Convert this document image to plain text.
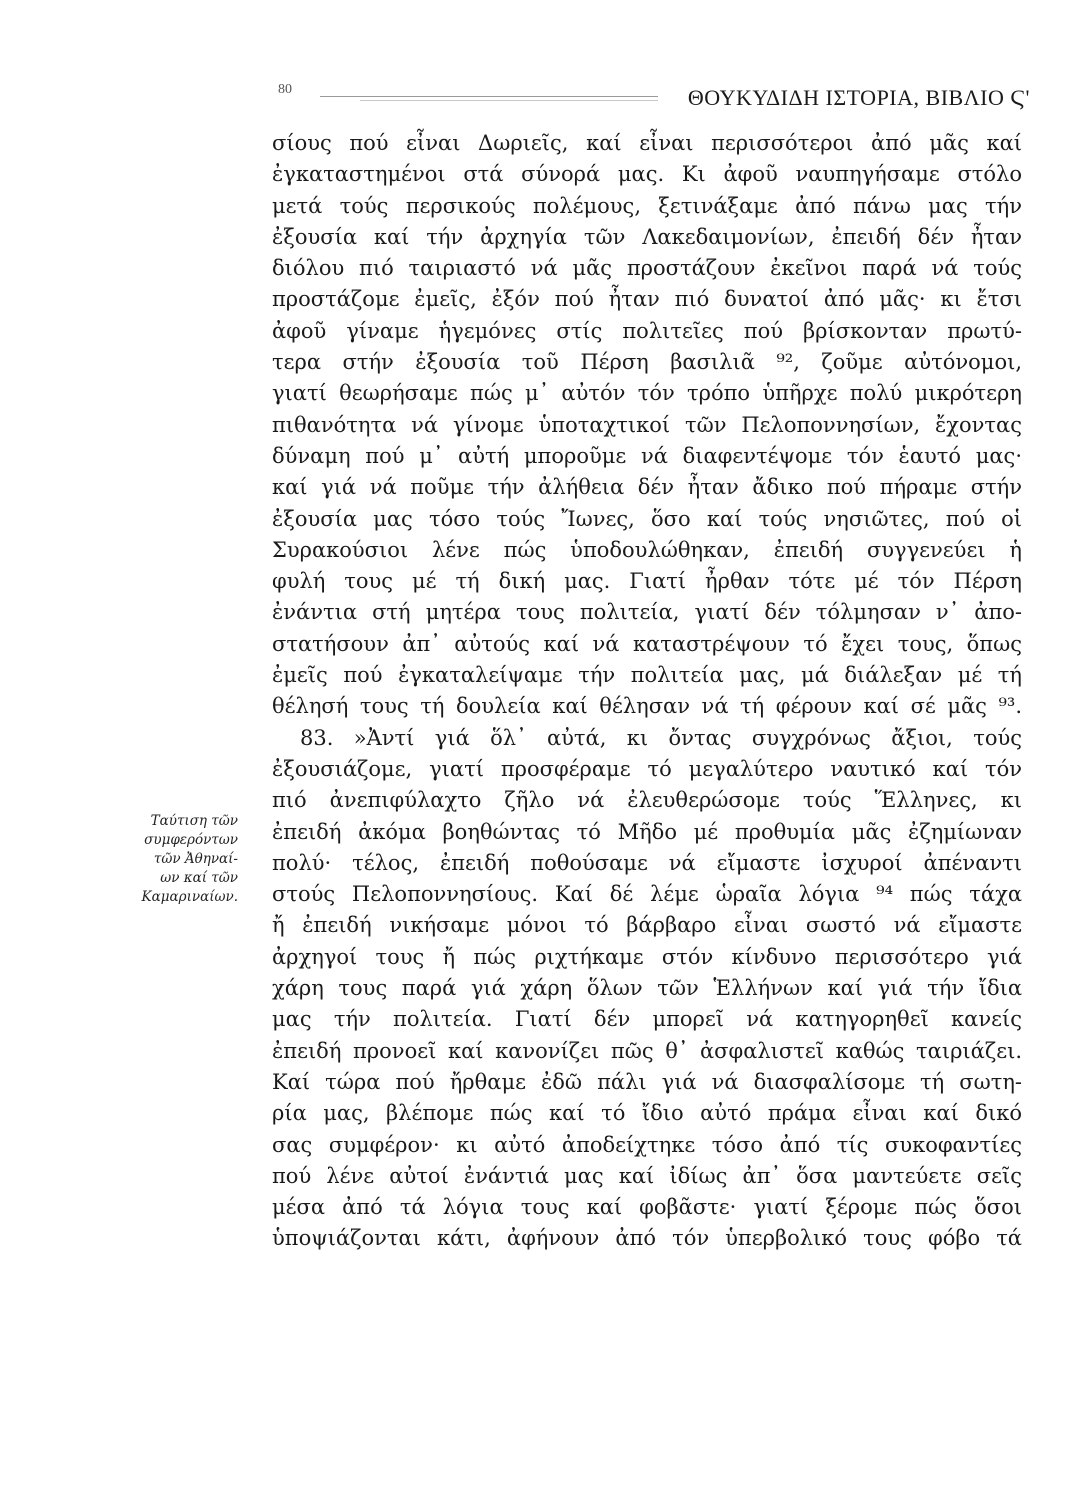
80	ΘΟΥΚΥΔΙΔΗ ΙΣΤΟΡΙΑ, ΒΙΒΛΙΟ Ϛ'
Ταύτιση τῶν
συμφερόντων
τῶν Ἀθηναί-
ων καί τῶν
Καμαριναίων.
σίους πού εἶναι Δωριεῖς, καί εἶναι περισσότεροι ἀπό μᾶς καί
ἐγκαταστημένοι στά σύνορά μας. Κι ἀφοῦ ναυπηγήσαμε στόλο
μετά τούς περσικούς πολέμους, ξετινάξαμε ἀπό πάνω μας τήν
ἐξουσία καί τήν ἀρχηγία τῶν Λακεδαιμονίων, ἐπειδή δέν ἦταν
διόλου πιό ταιριαστό νά μᾶς προστάζουν ἐκεῖνοι παρά νά τούς
προστάζομε ἐμεῖς, ἐξόν πού ἦταν πιό δυνατοί ἀπό μᾶς· κι ἔτσι
ἀφοῦ γίναμε ἡγεμόνες στίς πολιτεῖες πού βρίσκονταν πρωτύ-
τερα στήν ἐξουσία τοῦ Πέρση βασιλιᾶ ⁹², ζοῦμε αὐτόνομοι,
γιατί θεωρήσαμε πώς μ᾽ αὐτόν τόν τρόπο ὑπῆρχε πολύ μικρότερη
πιθανότητα νά γίνομε ὑποταχτικοί τῶν Πελοποννησίων, ἔχοντας
δύναμη πού μ᾽ αὐτή μποροῦμε νά διαφεντέψομε τόν ἑαυτό μας·
καί γιά νά ποῦμε τήν ἀλήθεια δέν ἦταν ἄδικο πού πήραμε στήν
ἐξουσία μας τόσο τούς Ἴωνες, ὅσο καί τούς νησιῶτες, πού οἱ
Συρακούσιοι λένε πώς ὑποδουλώθηκαν, ἐπειδή συγγενεύει ἡ
φυλή τους μέ τή δική μας. Γιατί ἦρθαν τότε μέ τόν Πέρση
ἐνάντια στή μητέρα τους πολιτεία, γιατί δέν τόλμησαν ν᾽ ἀπο-
στατήσουν ἀπ᾽ αὐτούς καί νά καταστρέψουν τό ἔχει τους, ὅπως
ἐμεῖς πού ἐγκαταλείψαμε τήν πολιτεία μας, μά διάλεξαν μέ τή
θέλησή τους τή δουλεία καί θέλησαν νά τή φέρουν καί σέ μᾶς ⁹³.
83. »Ἀντί γιά ὅλ᾽ αὐτά, κι ὄντας συγχρόνως ἄξιοι, τούς
ἐξουσιάζομε, γιατί προσφέραμε τό μεγαλύτερο ναυτικό καί τόν
πιό ἀνεπιφύλαχτο ζῆλο νά ἐλευθερώσομε τούς Ἕλληνες, κι
ἐπειδή ἀκόμα βοηθώντας τό Μῆδο μέ προθυμία μᾶς ἐζημίωναν
πολύ· τέλος, ἐπειδή ποθούσαμε νά εἴμαστε ἰσχυροί ἀπέναντι
στούς Πελοποννησίους. Καί δέ λέμε ὡραῖα λόγια ⁹⁴ πώς τάχα
ἤ ἐπειδή νικήσαμε μόνοι τό βάρβαρο εἶναι σωστό νά εἴμαστε
ἀρχηγοί τους ἤ πώς ριχτήκαμε στόν κίνδυνο περισσότερο γιά
χάρη τους παρά γιά χάρη ὅλων τῶν Ἑλλήνων καί γιά τήν ἴδια
μας τήν πολιτεία. Γιατί δέν μπορεῖ νά κατηγορηθεῖ κανείς
ἐπειδή προνοεῖ καί κανονίζει πῶς θ᾽ ἀσφαλιστεῖ καθώς ταιριάζει.
Καί τώρα πού ἤρθαμε ἐδῶ πάλι γιά νά διασφαλίσομε τή σωτη-
ρία μας, βλέπομε πώς καί τό ἴδιο αὐτό πράμα εἶναι καί δικό
σας συμφέρον· κι αὐτό ἀποδείχτηκε τόσο ἀπό τίς συκοφαντίες
πού λένε αὐτοί ἐνάντιά μας καί ἰδίως ἀπ᾽ ὅσα μαντεύετε σεῖς
μέσα ἀπό τά λόγια τους καί φοβᾶστε· γιατί ξέρομε πώς ὅσοι
ὑποψιάζονται κάτι, ἀφήνουν ἀπό τόν ὑπερβολικό τους φόβο τά
